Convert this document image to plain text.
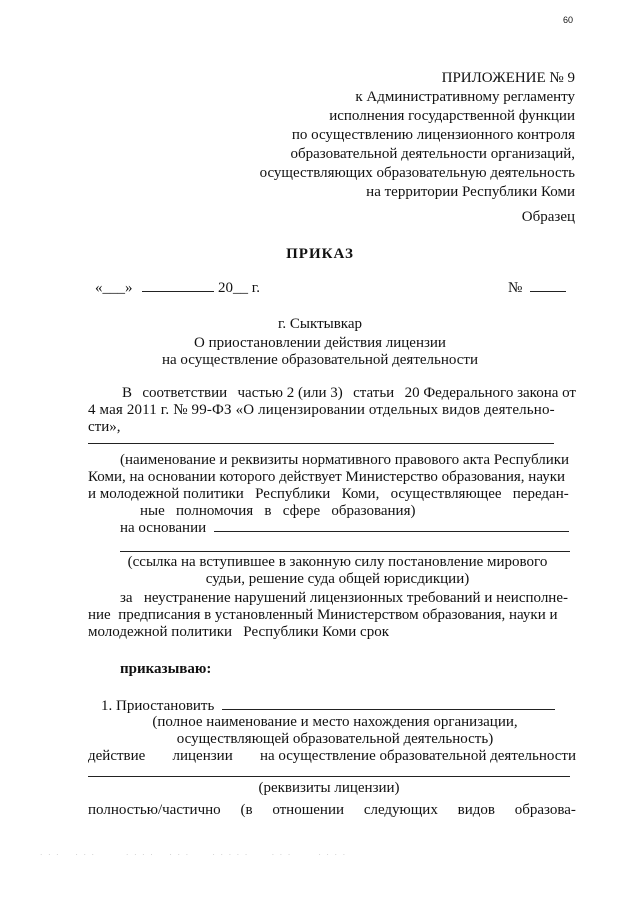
60
ПРИЛОЖЕНИЕ № 9
к Административному регламенту
исполнения государственной функции
по осуществлению лицензионного контроля
образовательной деятельности организаций,
осуществляющих образовательную деятельность
на территории Республики Коми
Образец
ПРИКАЗ
«___»	20__ г.	№
г. Сыктывкар
О приостановлении действия лицензии
на осуществление образовательной деятельности
В соответствии частью 2 (или 3) статьи 20 Федерального закона от
4 мая 2011 г. № 99-ФЗ «О лицензировании отдельных видов деятельно-
сти»,
(наименование и реквизиты нормативного правового акта Республики
Коми, на основании которого действует Министерство образования, науки
и молодежной политики   Республики   Коми,   осуществляющее   передан-
ные   полномочия   в   сфере   образования)
на основании
(ссылка на вступившее в законную силу постановление мирового
судьи, решение суда общей юрисдикции)
за   неустранение нарушений лицензионных требований и неисполне-
ние  предписания в установленный Министерством образования, науки и
молодежной политики   Республики Коми срок
приказываю:
1. Приостановить
(полное наименование и место нахождения организации,
осуществляющей образовательной деятельность)
действие лицензии на осуществление образовательной деятельности
(реквизиты лицензии)
полностью/частично (в отношении следующих видов образова-
· · ·    · · ·        · · · ·    · · ·      · · · · ·      · · ·       · · · ·
